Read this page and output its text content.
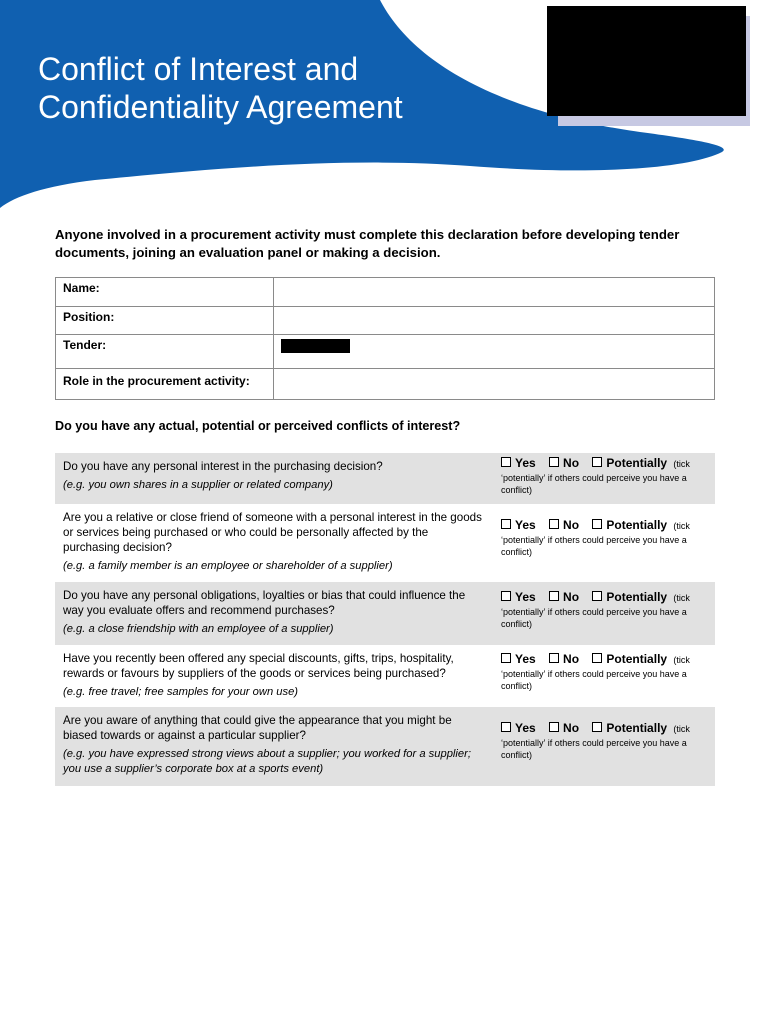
Conflict of Interest and
Confidentiality Agreement

Anyone involved in a procurement activity must complete this declaration before developing tender documents, joining an evaluation panel or making a decision.

Name:	
Position:	
Tender:	
Role in the procurement activity:	

Do you have any actual, potential or perceived conflicts of interest?

Do you have any personal interest in the purchasing decision?
(e.g. you own shares in a supplier or related company)
Yes No Potentially (tick
‘potentially’ if others could perceive you have a conflict)
Are you a relative or close friend of someone with a personal interest in the goods or services being purchased or who could be personally affected by the purchasing decision?
(e.g. a family member is an employee or shareholder of a supplier)
Yes No Potentially (tick
‘potentially’ if others could perceive you have a conflict)
Do you have any personal obligations, loyalties or bias that could influence the way you evaluate offers and recommend purchases?
(e.g. a close friendship with an employee of a supplier)
Yes No Potentially (tick
‘potentially’ if others could perceive you have a conflict)
Have you recently been offered any special discounts, gifts, trips, hospitality, rewards or favours by suppliers of the goods or services being purchased?
(e.g. free travel; free samples for your own use)
Yes No Potentially (tick
‘potentially’ if others could perceive you have a conflict)
Are you aware of anything that could give the appearance that you might be biased towards or against a particular supplier?
(e.g. you have expressed strong views about a supplier; you worked for a supplier; you use a supplier’s corporate box at a sports event)
Yes No Potentially (tick
‘potentially’ if others could perceive you have a conflict)
